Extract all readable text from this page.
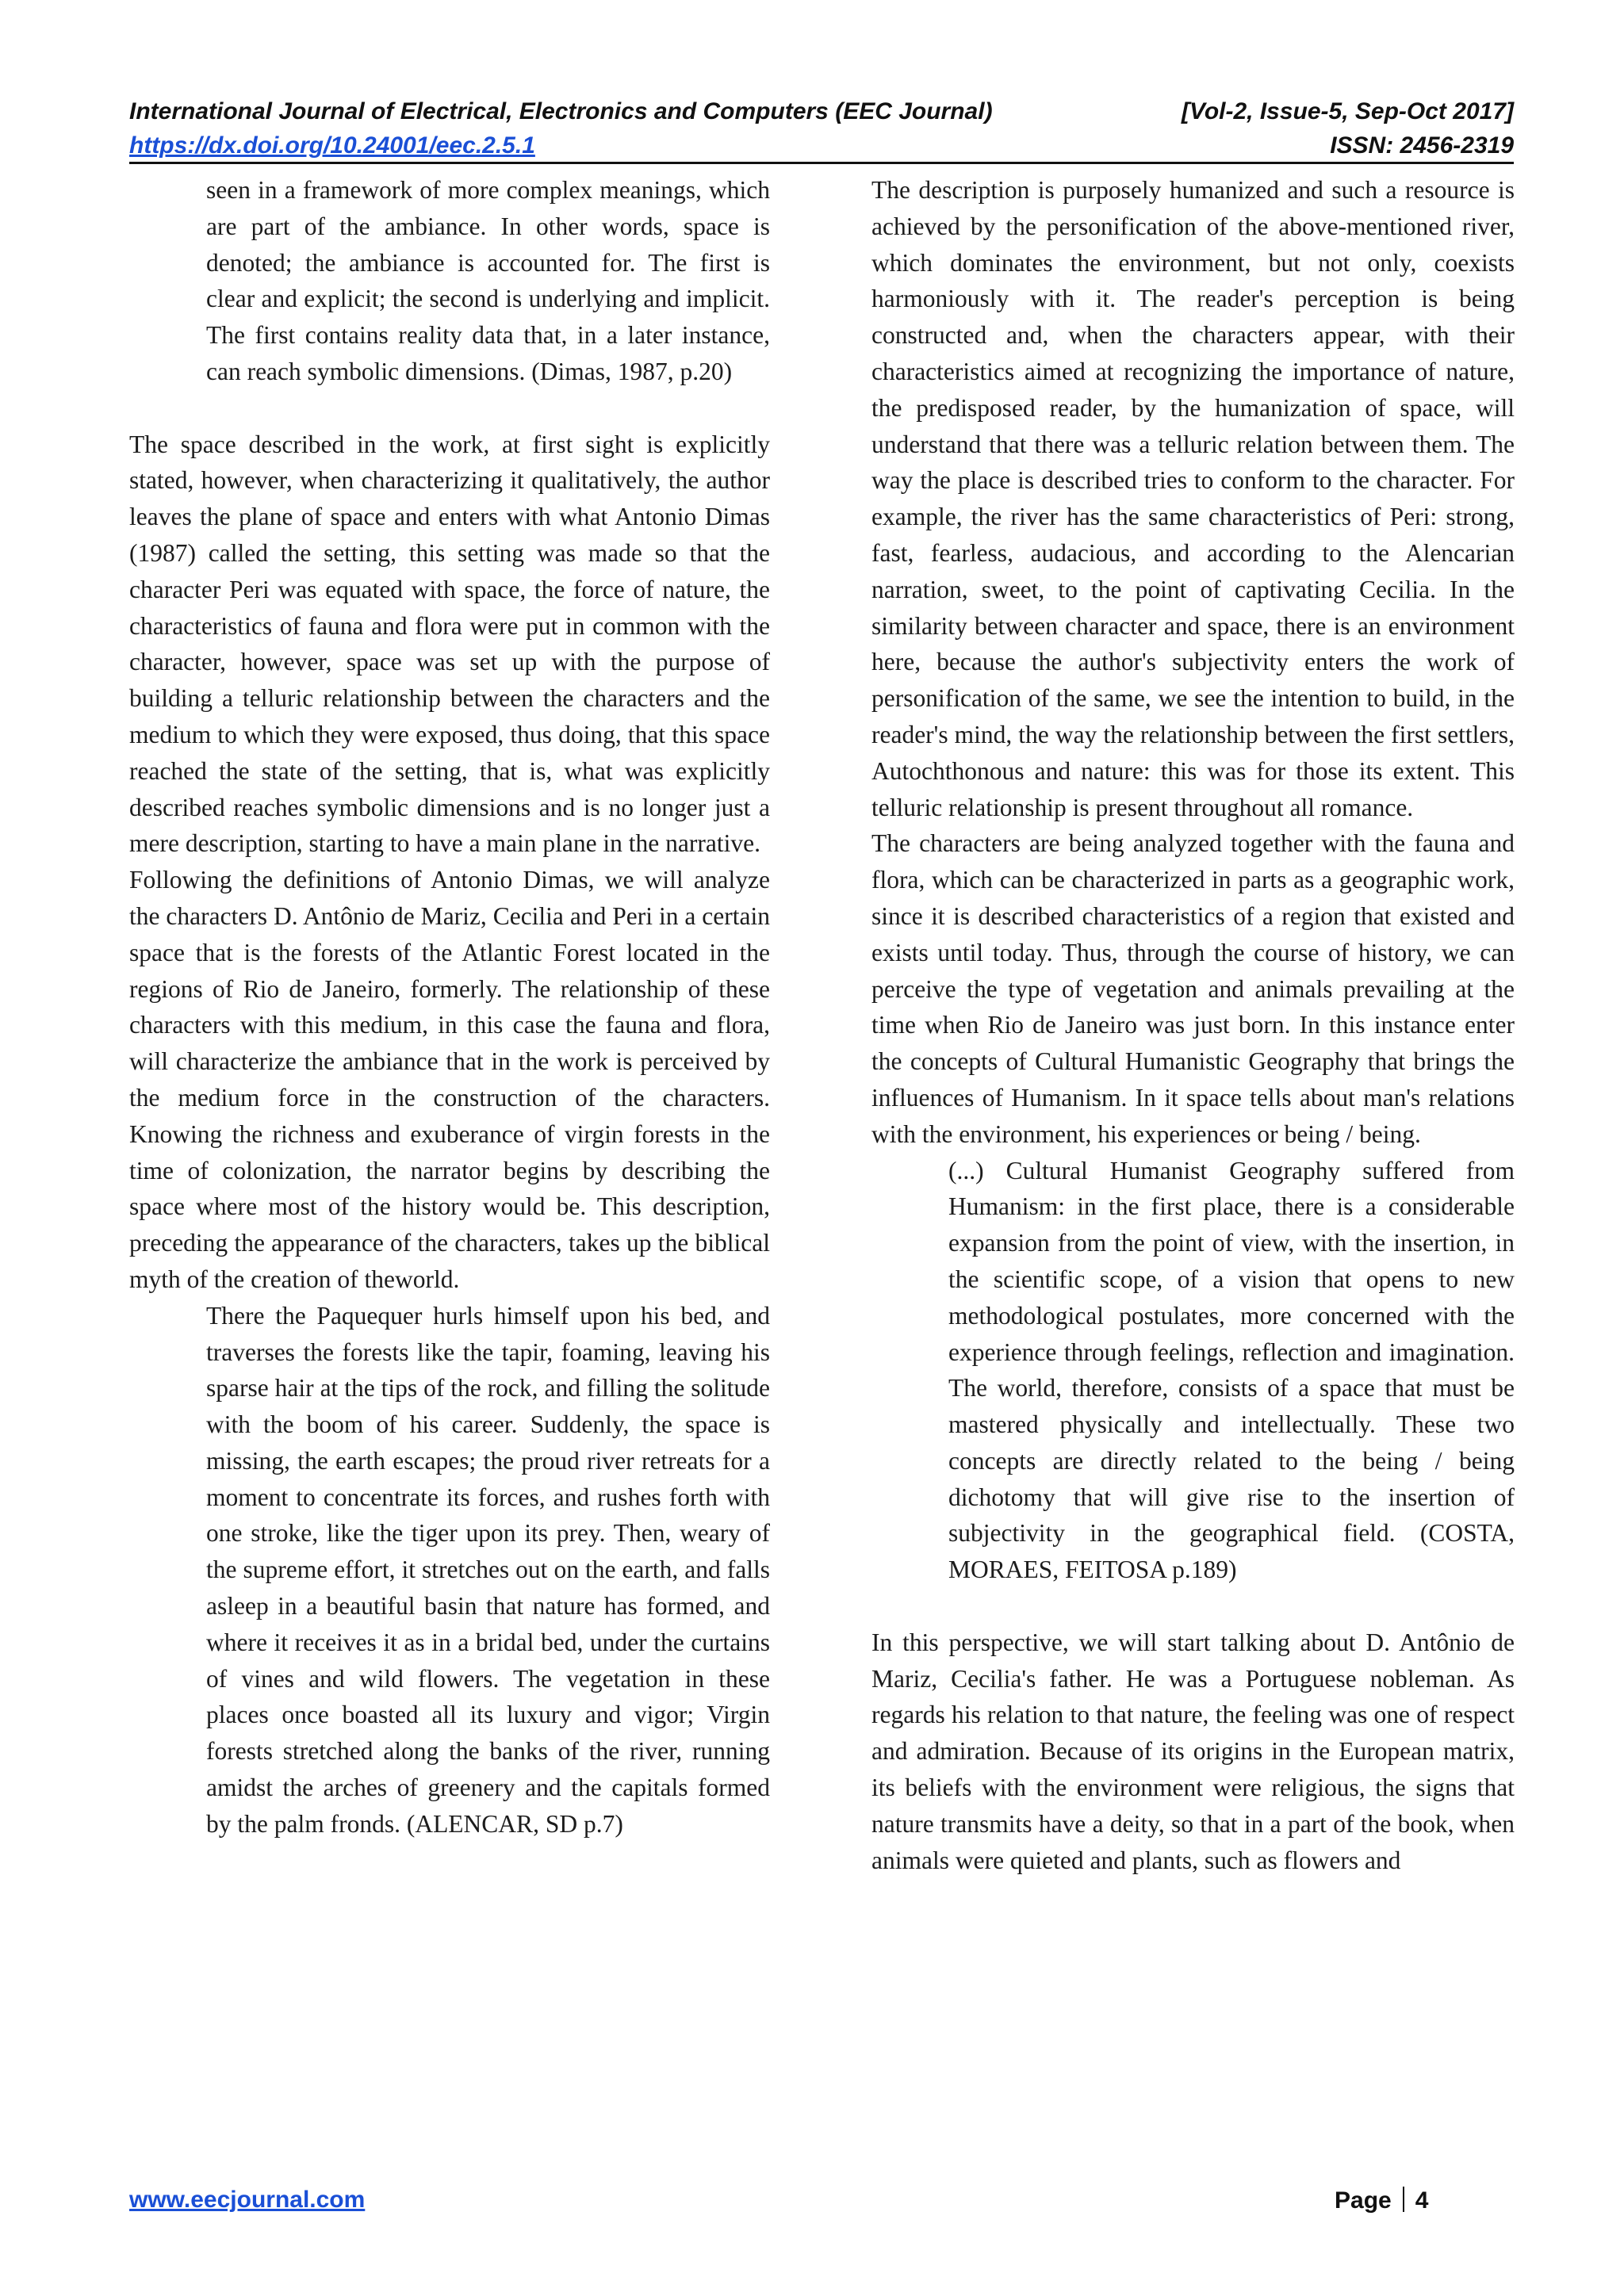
International Journal of Electrical, Electronics and Computers (EEC Journal)	[Vol-2, Issue-5, Sep-Oct 2017]
https://dx.doi.org/10.24001/eec.2.5.1	ISSN: 2456-2319

seen in a framework of more complex meanings, which are part of the ambiance. In other words, space is denoted; the ambiance is accounted for. The first is clear and explicit; the second is underlying and implicit. The first contains reality data that, in a later instance, can reach symbolic dimensions. (Dimas, 1987, p.20)

The space described in the work, at first sight is explicitly stated, however, when characterizing it qualitatively, the author leaves the plane of space and enters with what Antonio Dimas (1987) called the setting, this setting was made so that the character Peri was equated with space, the force of nature, the characteristics of fauna and flora were put in common with the character, however, space was set up with the purpose of building a telluric relationship between the characters and the medium to which they were exposed, thus doing, that this space reached the state of the setting, that is, what was explicitly described reaches symbolic dimensions and is no longer just a mere description, starting to have a main plane in the narrative.

Following the definitions of Antonio Dimas, we will analyze the characters D. Antônio de Mariz, Cecilia and Peri in a certain space that is the forests of the Atlantic Forest located in the regions of Rio de Janeiro, formerly. The relationship of these characters with this medium, in this case the fauna and flora, will characterize the ambiance that in the work is perceived by the medium force in the construction of the characters. Knowing the richness and exuberance of virgin forests in the time of colonization, the narrator begins by describing the space where most of the history would be. This description, preceding the appearance of the characters, takes up the biblical myth of the creation of theworld.

There the Paquequer hurls himself upon his bed, and traverses the forests like the tapir, foaming, leaving his sparse hair at the tips of the rock, and filling the solitude with the boom of his career. Suddenly, the space is missing, the earth escapes; the proud river retreats for a moment to concentrate its forces, and rushes forth with one stroke, like the tiger upon its prey. Then, weary of the supreme effort, it stretches out on the earth, and falls asleep in a beautiful basin that nature has formed, and where it receives it as in a bridal bed, under the curtains of vines and wild flowers. The vegetation in these places once boasted all its luxury and vigor; Virgin forests stretched along the banks of the river, running amidst the arches of greenery and the capitals formed by the palm fronds. (ALENCAR, SD p.7)

The description is purposely humanized and such a resource is achieved by the personification of the above-mentioned river, which dominates the environment, but not only, coexists harmoniously with it. The reader's perception is being constructed and, when the characters appear, with their characteristics aimed at recognizing the importance of nature, the predisposed reader, by the humanization of space, will understand that there was a telluric relation between them. The way the place is described tries to conform to the character. For example, the river has the same characteristics of Peri: strong, fast, fearless, audacious, and according to the Alencarian narration, sweet, to the point of captivating Cecilia. In the similarity between character and space, there is an environment here, because the author's subjectivity enters the work of personification of the same, we see the intention to build, in the reader's mind, the way the relationship between the first settlers, Autochthonous and nature: this was for those its extent. This telluric relationship is present throughout all romance.

The characters are being analyzed together with the fauna and flora, which can be characterized in parts as a geographic work, since it is described characteristics of a region that existed and exists until today. Thus, through the course of history, we can perceive the type of vegetation and animals prevailing at the time when Rio de Janeiro was just born. In this instance enter the concepts of Cultural Humanistic Geography that brings the influences of Humanism. In it space tells about man's relations with the environment, his experiences or being / being.

(...) Cultural Humanist Geography suffered from Humanism: in the first place, there is a considerable expansion from the point of view, with the insertion, in the scientific scope, of a vision that opens to new methodological postulates, more concerned with the experience through feelings, reflection and imagination. The world, therefore, consists of a space that must be mastered physically and intellectually. These two concepts are directly related to the being / being dichotomy that will give rise to the insertion of subjectivity in the geographical field. (COSTA, MORAES, FEITOSA p.189)

In this perspective, we will start talking about D. Antônio de Mariz, Cecilia's father. He was a Portuguese nobleman. As regards his relation to that nature, the feeling was one of respect and admiration. Because of its origins in the European matrix, its beliefs with the environment were religious, the signs that nature transmits have a deity, so that in a part of the book, when animals were quieted and plants, such as flowers and

www.eecjournal.com	Page 4
